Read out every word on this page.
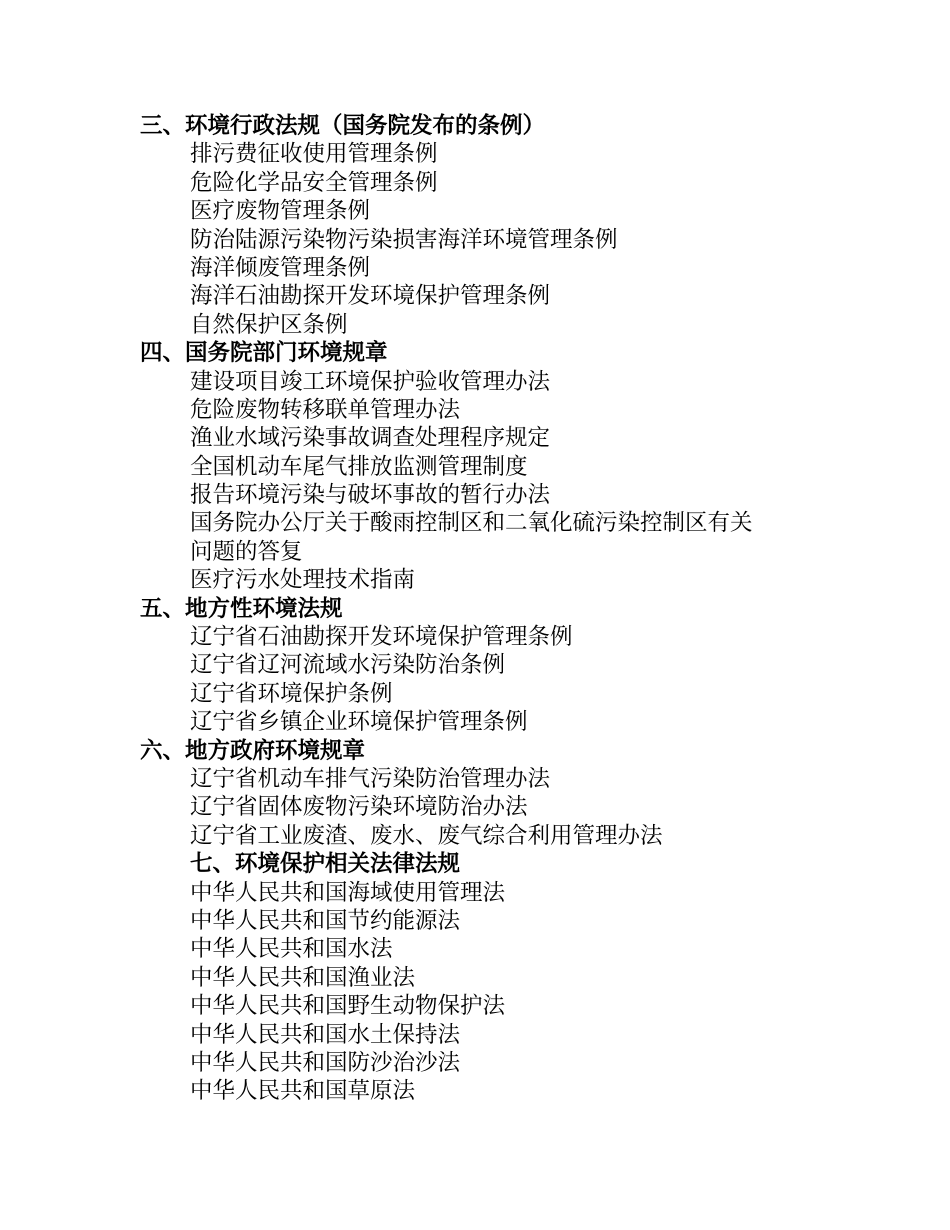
三、环境行政法规（国务院发布的条例）
排污费征收使用管理条例
危险化学品安全管理条例
医疗废物管理条例
防治陆源污染物污染损害海洋环境管理条例
海洋倾废管理条例
海洋石油勘探开发环境保护管理条例
自然保护区条例
四、国务院部门环境规章
建设项目竣工环境保护验收管理办法
危险废物转移联单管理办法
渔业水域污染事故调查处理程序规定
全国机动车尾气排放监测管理制度
报告环境污染与破坏事故的暂行办法
国务院办公厅关于酸雨控制区和二氧化硫污染控制区有关
问题的答复
医疗污水处理技术指南
五、地方性环境法规
辽宁省石油勘探开发环境保护管理条例
辽宁省辽河流域水污染防治条例
辽宁省环境保护条例
辽宁省乡镇企业环境保护管理条例
六、地方政府环境规章
辽宁省机动车排气污染防治管理办法
辽宁省固体废物污染环境防治办法
辽宁省工业废渣、废水、废气综合利用管理办法
七、环境保护相关法律法规
中华人民共和国海域使用管理法
中华人民共和国节约能源法
中华人民共和国水法
中华人民共和国渔业法
中华人民共和国野生动物保护法
中华人民共和国水土保持法
中华人民共和国防沙治沙法
中华人民共和国草原法
